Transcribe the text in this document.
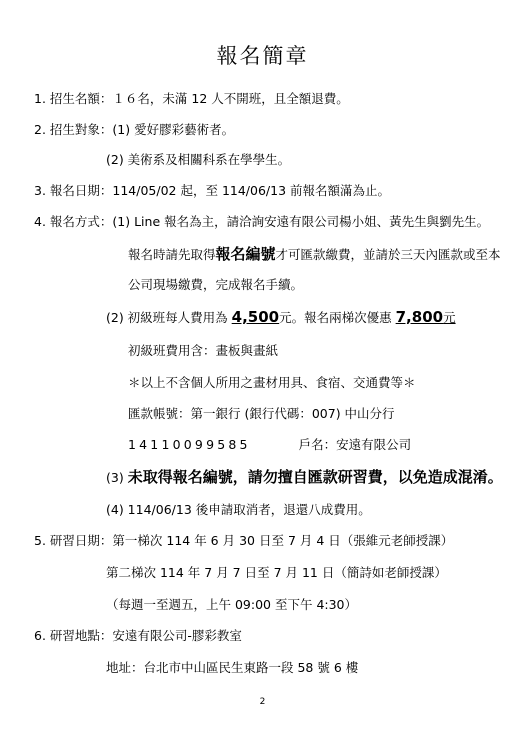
報名簡章
1. 招生名額：１６名，未滿 12 人不開班，且全額退費。
2. 招生對象：(1) 愛好膠彩藝術者。
(2) 美術系及相關科系在學學生。
3. 報名日期：114/05/02 起，至 114/06/13 前報名額滿為止。
4. 報名方式：(1) Line 報名為主，請洽詢安遠有限公司楊小姐、黃先生與劉先生。
報名時請先取得報名編號才可匯款繳費，並請於三天內匯款或至本
公司現場繳費，完成報名手續。
(2) 初級班每人費用為 4,500元。報名兩梯次優惠 7,800元
初級班費用含：畫板與畫紙
＊以上不含個人所用之畫材用具、食宿、交通費等＊
匯款帳號：第一銀行 (銀行代碼：007) 中山分行
14110099585	戶名：安遠有限公司
(3) 未取得報名編號，請勿擅自匯款研習費，以免造成混淆。
(4) 114/06/13 後申請取消者，退還八成費用。
5. 研習日期：第一梯次 114 年 6 月 30 日至 7 月 4 日（張維元老師授課）
第二梯次 114 年 7 月 7 日至 7 月 11 日（簡詩如老師授課）
（每週一至週五，上午 09:00 至下午 4:30）
6. 研習地點：安遠有限公司-膠彩教室
地址：台北市中山區民生東路一段 58 號 6 樓
2
